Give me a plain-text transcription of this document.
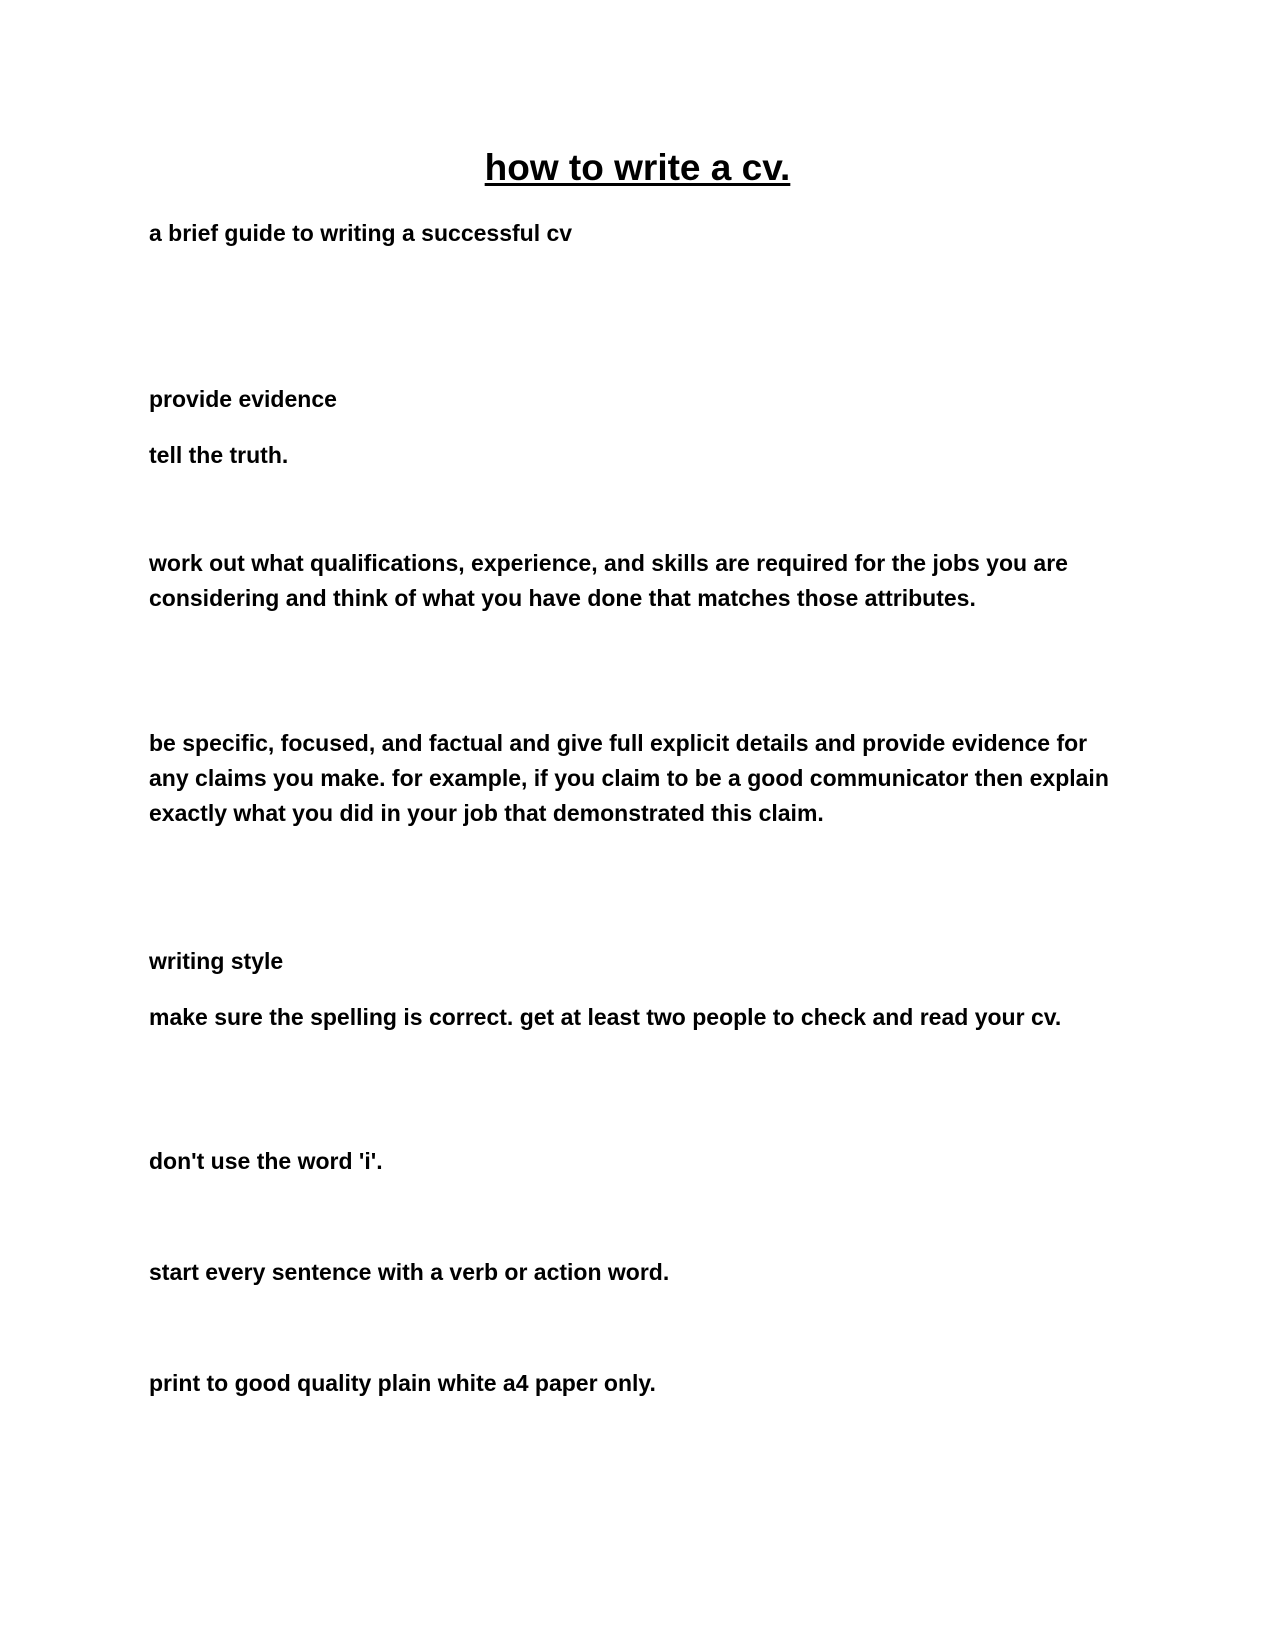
how to write a cv.

a brief guide to writing a successful cv

provide evidence

tell the truth.

work out what qualifications, experience, and skills are required for the jobs you are considering and think of what you have done that matches those attributes.

be specific, focused, and factual and give full explicit details and provide evidence for any claims you make. for example, if you claim to be a good communicator then explain exactly what you did in your job that demonstrated this claim.

writing style

make sure the spelling is correct. get at least two people to check and read your cv.

don't use the word 'i'.

start every sentence with a verb or action word.

print to good quality plain white a4 paper only.
